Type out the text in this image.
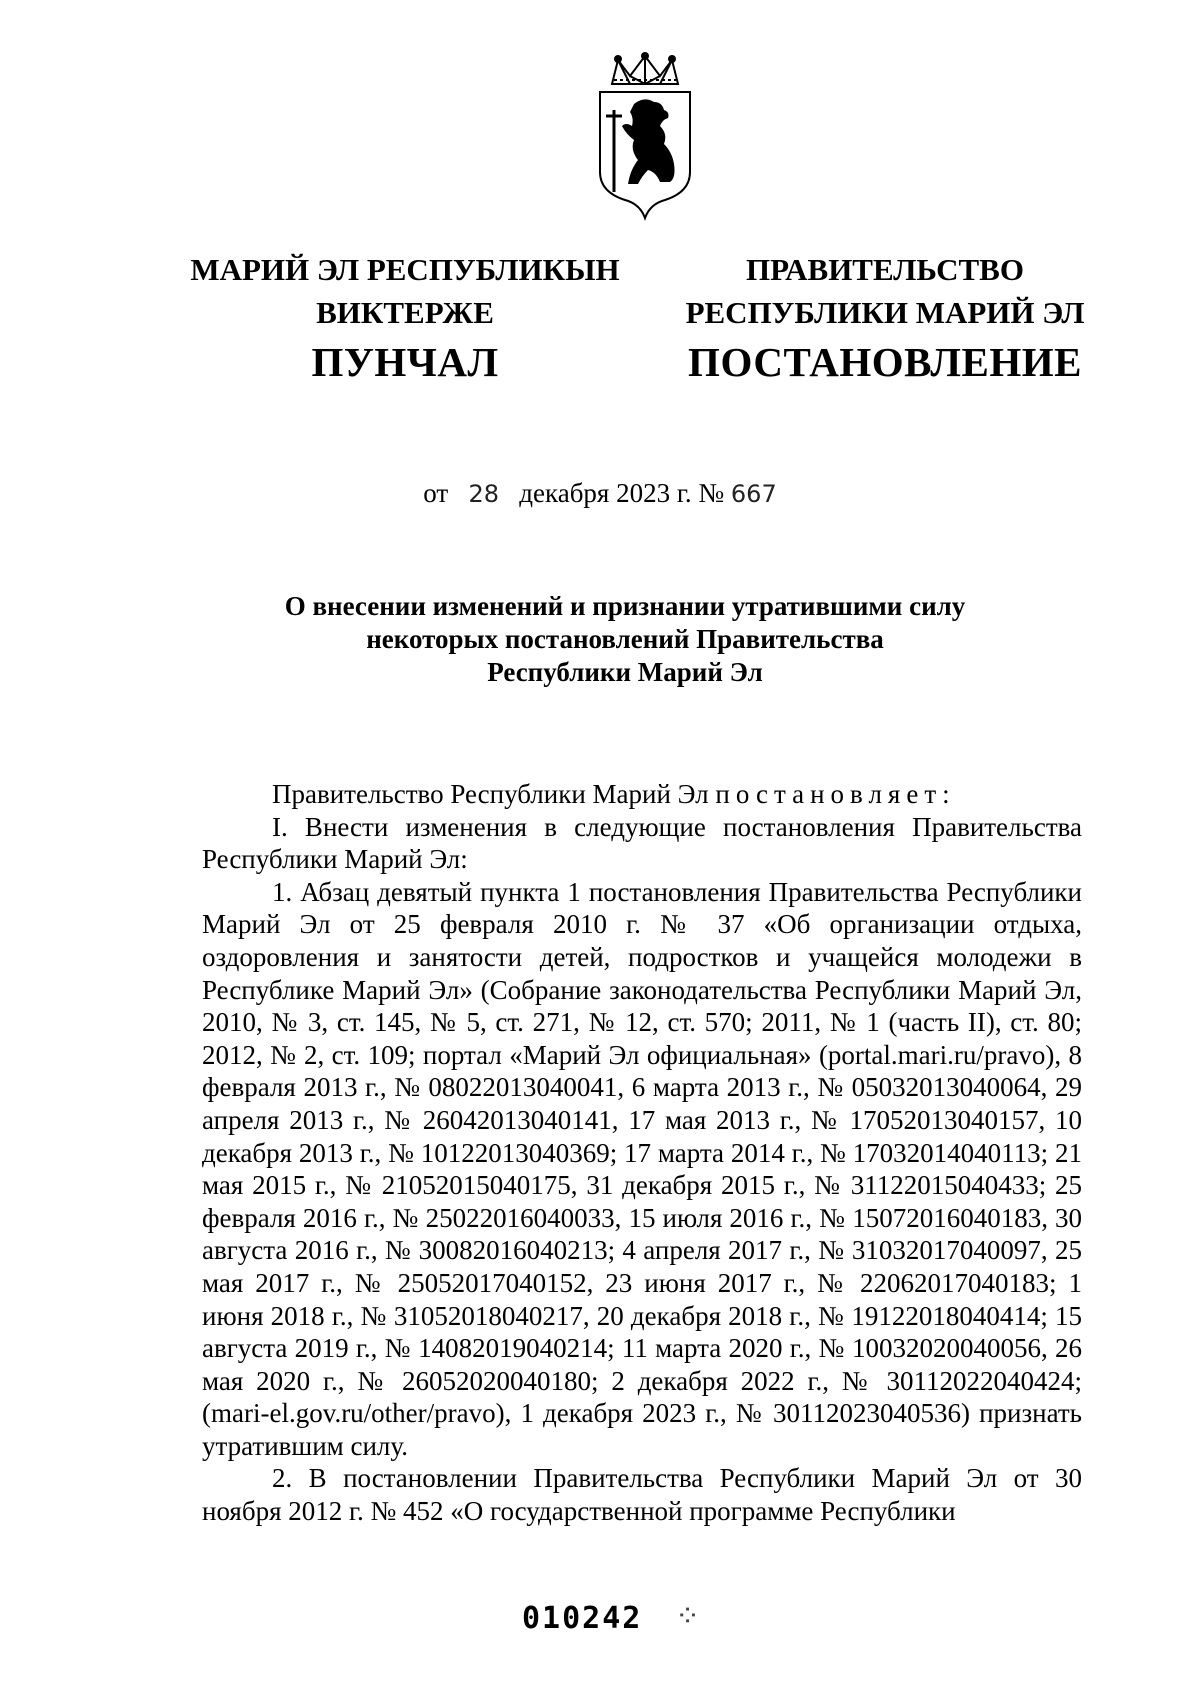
МАРИЙ ЭЛ РЕСПУБЛИКЫН
ВИКТЕРЖЕ
ПУНЧАЛ
ПРАВИТЕЛЬСТВО
РЕСПУБЛИКИ МАРИЙ ЭЛ
ПОСТАНОВЛЕНИЕ
от 28 декабря 2023 г. № 667
О внесении изменений и признании утратившими силу
некоторых постановлений Правительства
Республики Марий Эл

Правительство Республики Марий Эл постановляет:

I. Внести изменения в следующие постановления Правительства Республики Марий Эл:

1. Абзац девятый пункта 1 постановления Правительства Республики Марий Эл от 25 февраля 2010 г. № 37 «Об организации отдыха, оздоровления и занятости детей, подростков и учащейся молодежи в Республике Марий Эл» (Собрание законодательства Республики Марий Эл, 2010, № 3, ст. 145, № 5, ст. 271, № 12, ст. 570; 2011, № 1 (часть II), ст. 80; 2012, № 2, ст. 109; портал «Марий Эл официальная» (portal.mari.ru/pravo), 8 февраля 2013 г., № 08022013040041, 6 марта 2013 г., № 05032013040064, 29 апреля 2013 г., № 26042013040141, 17 мая 2013 г., № 17052013040157, 10 декабря 2013 г., № 10122013040369; 17 марта 2014 г., № 17032014040113; 21 мая 2015 г., № 21052015040175, 31 декабря 2015 г., № 31122015040433; 25 февраля 2016 г., № 25022016040033, 15 июля 2016 г., № 15072016040183, 30 августа 2016 г., № 30082016040213; 4 апреля 2017 г., № 31032017040097, 25 мая 2017 г., № 25052017040152, 23 июня 2017 г., № 22062017040183; 1 июня 2018 г., № 31052018040217, 20 декабря 2018 г., № 19122018040414; 15 августа 2019 г., № 14082019040214; 11 марта 2020 г., № 10032020040056, 26 мая 2020 г., № 26052020040180; 2 декабря 2022 г., № 30112022040424; (mari-el.gov.ru/other/pravo), 1 декабря 2023 г., № 30112023040536) признать утратившим силу.

2. В постановлении Правительства Республики Марий Эл от 30 ноября 2012 г. № 452 «О государственной программе Республики

010242 ⁘
